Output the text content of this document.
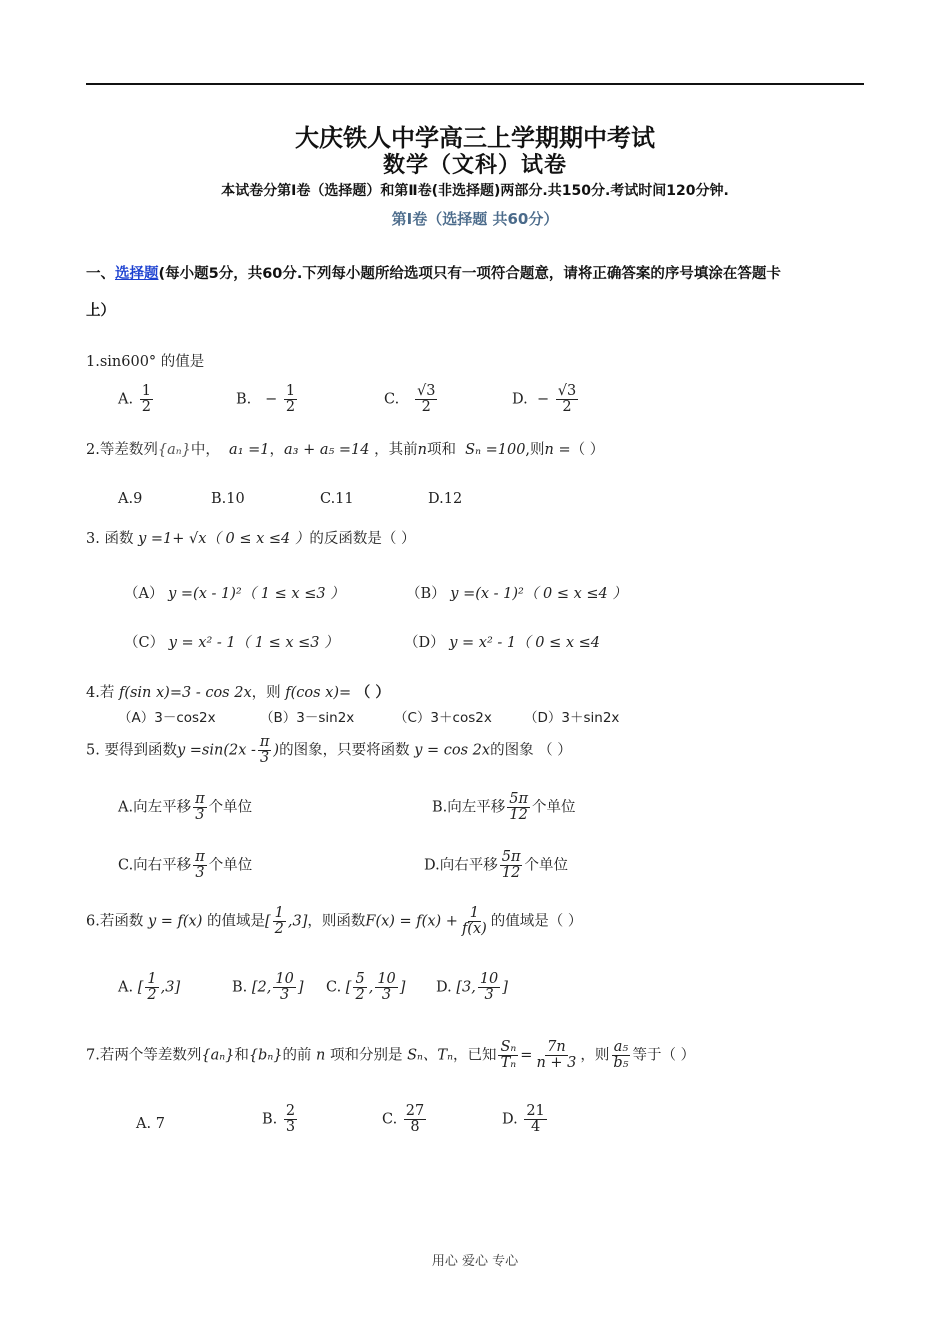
大庆铁人中学高三上学期期中考试
数学（文科）试卷
本试卷分第Ⅰ卷（选择题）和第Ⅱ卷(非选择题)两部分.共150分.考试时间120分钟.
第Ⅰ卷（选择题 共60分）
一、选择题(每小题5分，共60分.下列每小题所给选项只有一项符合题意，请将正确答案的序号填涂在答题卡
上）
1.sin600° 的值是
A. $\frac{1}{2}$	B. − $\frac{1}{2}$	C. $\frac{√3}{2}$	D. − $\frac{√3}{2}$
2.等差数列{aₙ}中， a₁ =1，a₃ + a₅ =14 ，其前n项和 Sₙ =100,则n =（ ）
A.9	B.10	C.11	D.12
3. 函数 y =1+ √x（ 0 ≤ x ≤4 ）的反函数是（ ）
（A） y =(x - 1)²（ 1 ≤ x ≤3 ）	（B） y =(x - 1)²（ 0 ≤ x ≤4 ）
（C） y = x² - 1（ 1 ≤ x ≤3 ）	（D） y = x² - 1（ 0 ≤ x ≤4
4.若 f(sin x)=3 - cos 2x，则 f(cos x)= （ ）
（A）3－cos2x	（B）3－sin2x	（C）3＋cos2x （D）3＋sin2x
5. 要得到函数$y =\sin(2x - \frac{\pi}{3}$ )的图象，只要将函数 y = cos 2x的图象 （ ）
A.向左平移 $\frac{\pi}{3}$ 个单位	B.向左平移 $\frac{5\pi}{12}$ 个单位
C.向右平移 $\frac{\pi}{3}$ 个单位	D.向右平移 $\frac{5\pi}{12}$ 个单位
6.若函数 y = f(x) 的值域是[ $\frac{1}{2} ,3$]，则函数$F(x) = f(x) + \frac{1}{f(x)}$ 的值域是（ ）
A. [ $\frac{1}{2} ,3$]	B. [2, $\frac{10}{3}$ ] C. [ $\frac{5}{2}$ , $\frac{10}{3}$ ] D. [3, $\frac{10}{3}$ ]
7.若两个等差数列{aₙ}和{bₙ}的前 n 项和分别是 Sₙ、Tₙ，已知 $\frac{\text{Sₙ}}{\text{Tₙ}} = \frac{7n}{n + 3}$ ，则 $\frac{\text{a₅}}{\text{b₅}}$ 等于（ ）
A. 7	B. $\frac{2}{3}$	C. $\frac{27}{8}$	D. $\frac{21}{4}$
用心 爱心 专心
